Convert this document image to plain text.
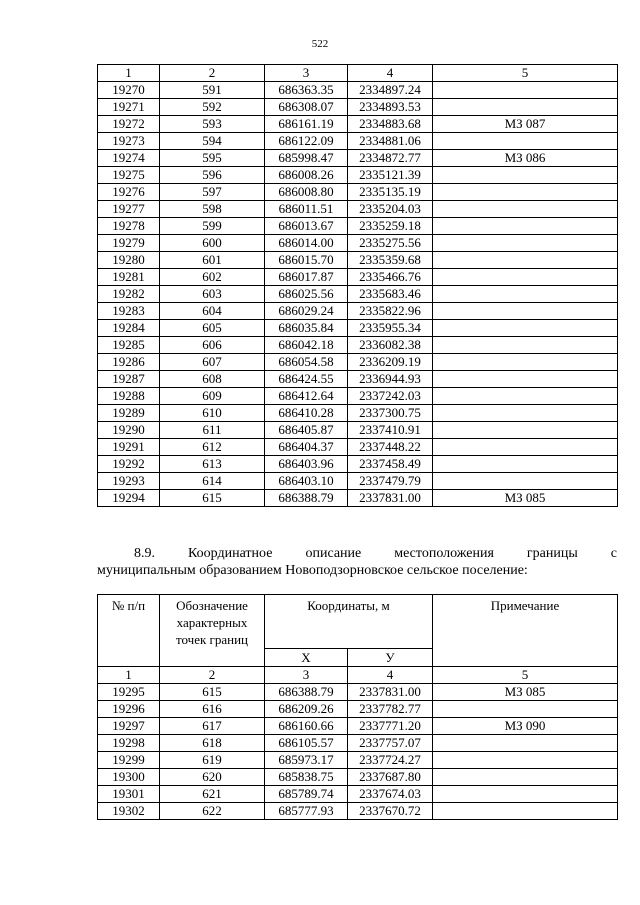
522
1	2	3	4	5
19270	591	686363.35	2334897.24	
19271	592	686308.07	2334893.53	
19272	593	686161.19	2334883.68	МЗ 087
19273	594	686122.09	2334881.06	
19274	595	685998.47	2334872.77	МЗ 086
19275	596	686008.26	2335121.39	
19276	597	686008.80	2335135.19	
19277	598	686011.51	2335204.03	
19278	599	686013.67	2335259.18	
19279	600	686014.00	2335275.56	
19280	601	686015.70	2335359.68	
19281	602	686017.87	2335466.76	
19282	603	686025.56	2335683.46	
19283	604	686029.24	2335822.96	
19284	605	686035.84	2335955.34	
19285	606	686042.18	2336082.38	
19286	607	686054.58	2336209.19	
19287	608	686424.55	2336944.93	
19288	609	686412.64	2337242.03	
19289	610	686410.28	2337300.75	
19290	611	686405.87	2337410.91	
19291	612	686404.37	2337448.22	
19292	613	686403.96	2337458.49	
19293	614	686403.10	2337479.79	
19294	615	686388.79	2337831.00	МЗ 085
8.9. Координатное описание местоположения границы с
муниципальным образованием Новоподзорновское сельское поселение:
№ п/п	Обозначение характерных точек границ	Координаты, м		Примечание
		Х	У	
1	2	3	4	5
19295	615	686388.79	2337831.00	МЗ 085
19296	616	686209.26	2337782.77	
19297	617	686160.66	2337771.20	МЗ 090
19298	618	686105.57	2337757.07	
19299	619	685973.17	2337724.27	
19300	620	685838.75	2337687.80	
19301	621	685789.74	2337674.03	
19302	622	685777.93	2337670.72	
